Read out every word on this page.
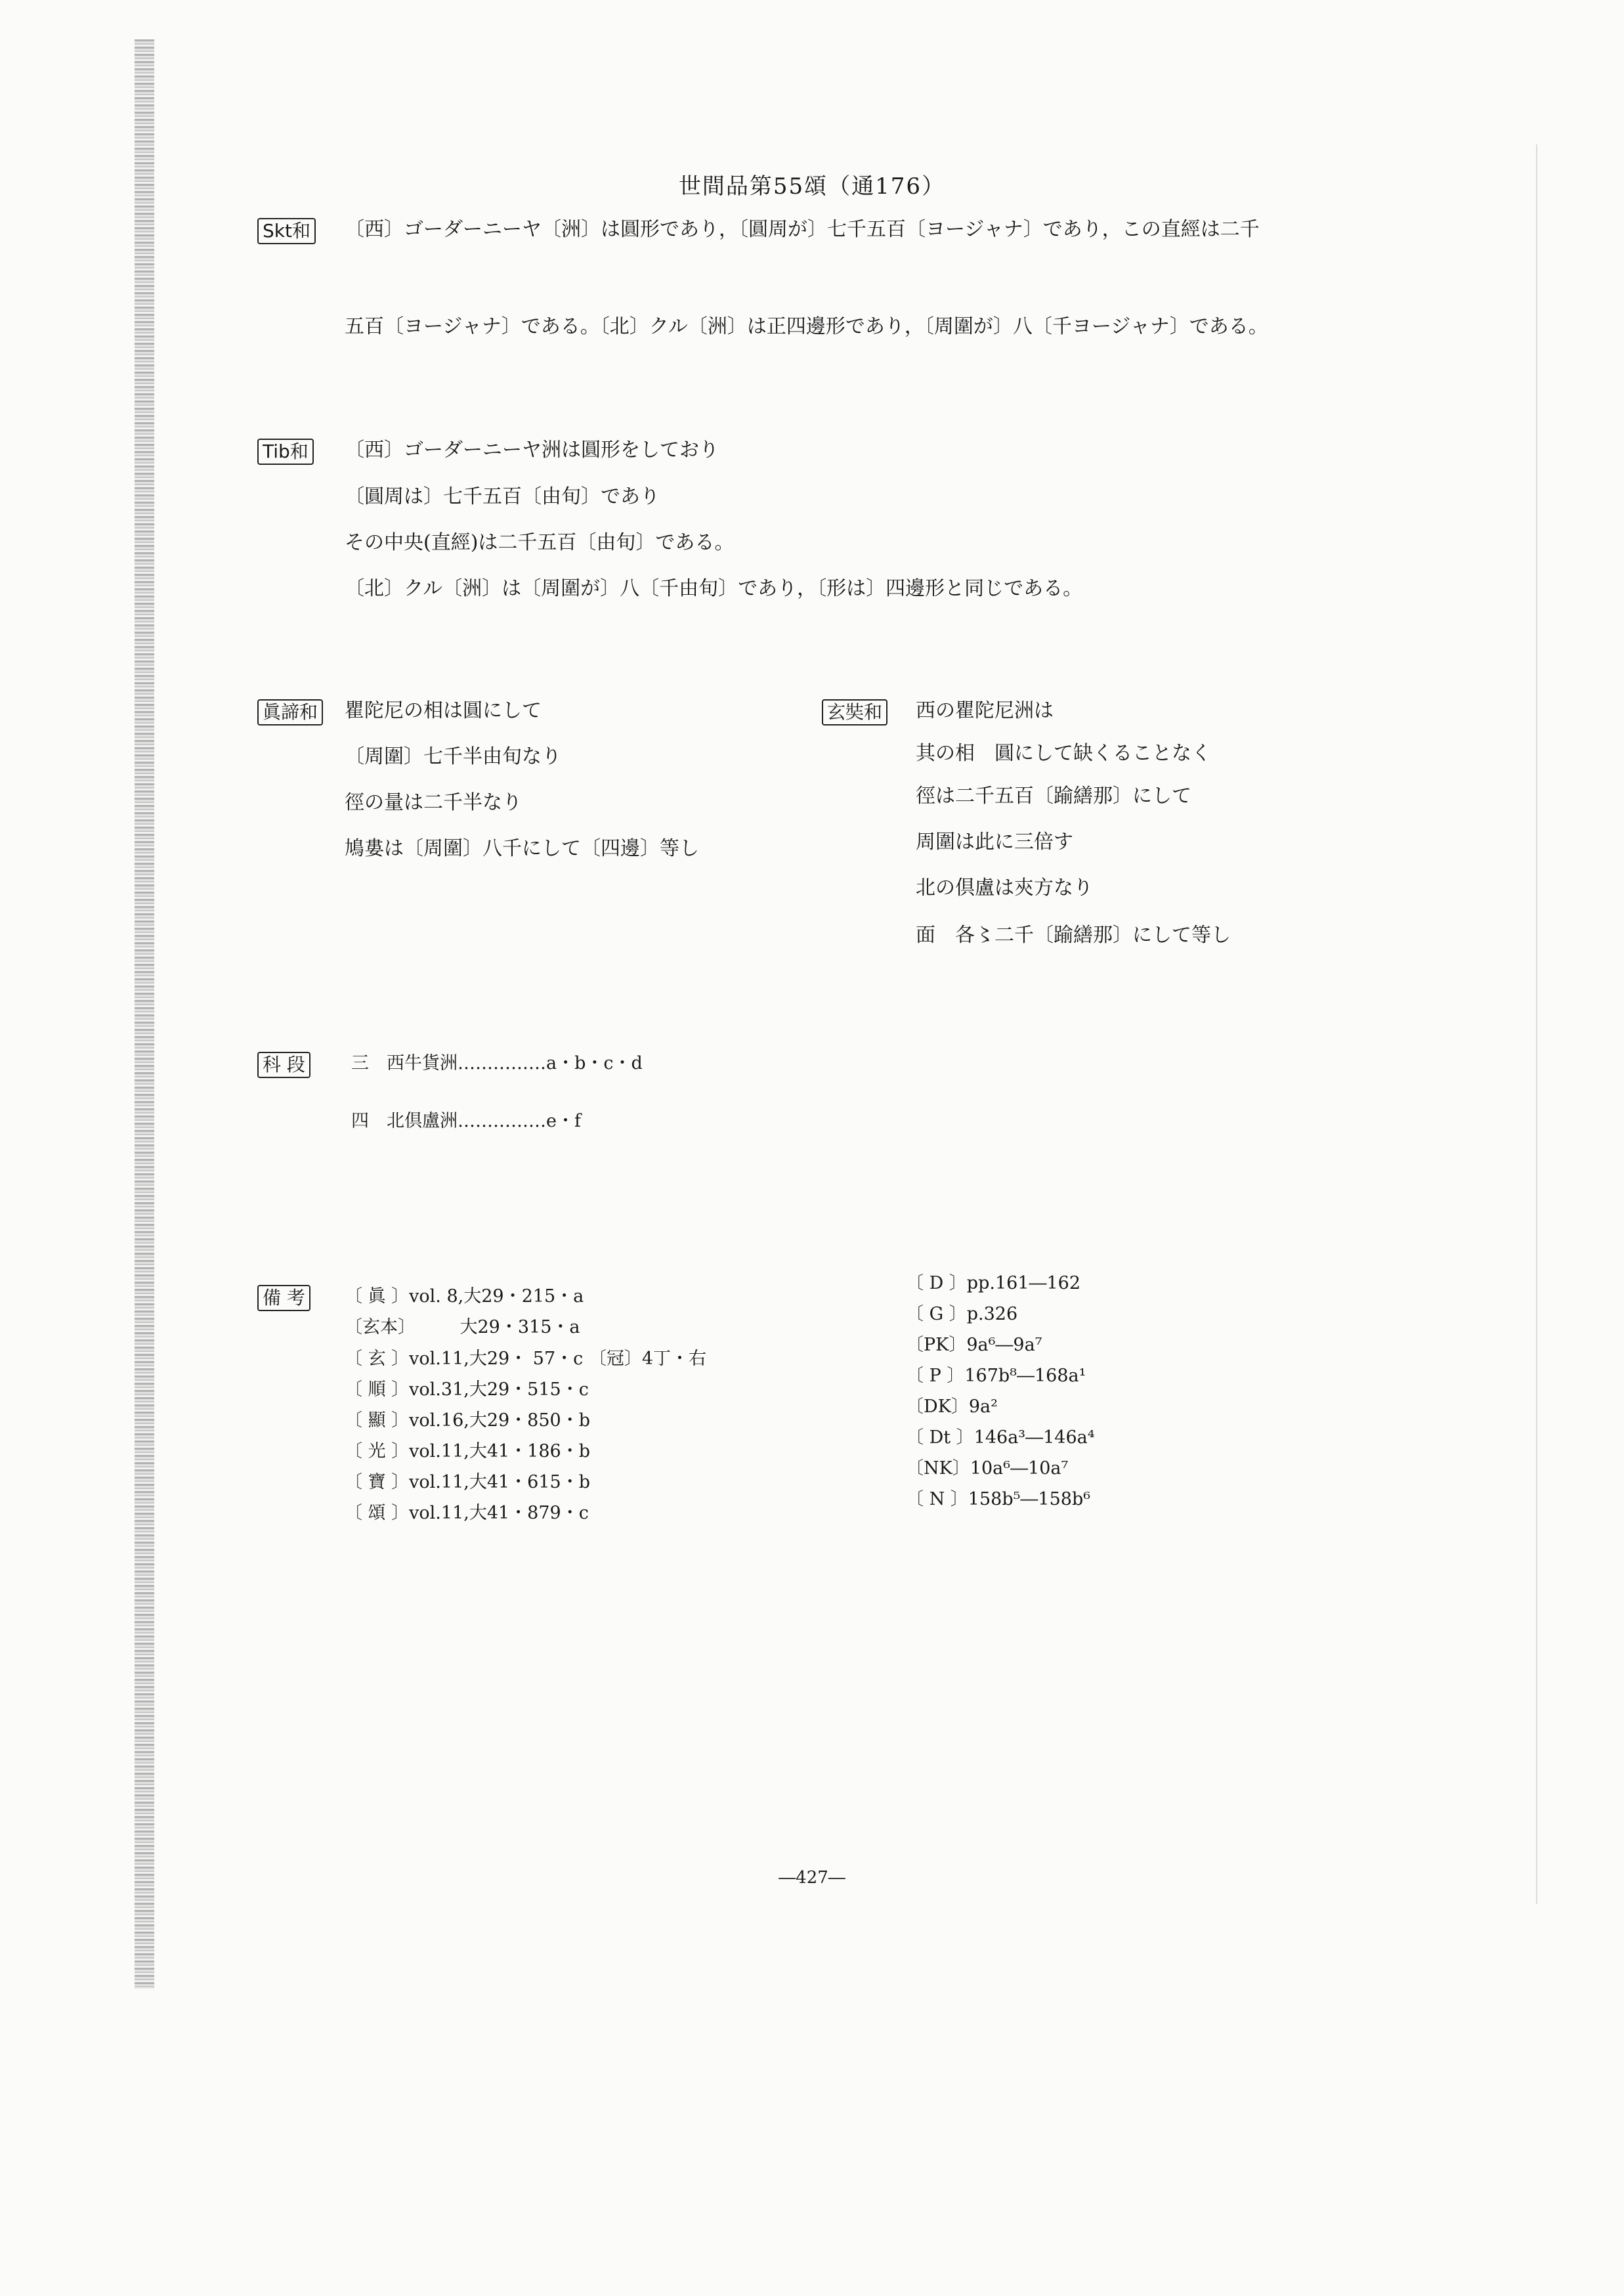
世間品第55頌（通176）
Skt和 〔西〕ゴーダーニーヤ〔洲〕は圓形であり，〔圓周が〕七千五百〔ヨージャナ〕であり，この直經は二千
五百〔ヨージャナ〕である。〔北〕クル〔洲〕は正四邊形であり，〔周圍が〕八〔千ヨージャナ〕である。
Tib和 〔西〕ゴーダーニーヤ洲は圓形をしており
〔圓周は〕七千五百〔由旬〕であり
その中央(直經)は二千五百〔由旬〕である。
〔北〕クル〔洲〕は〔周圍が〕八〔千由旬〕であり，〔形は〕四邊形と同じである。
眞諦和 瞿陀尼の相は圓にして
〔周圍〕七千半由旬なり
徑の量は二千半なり
鳩婁は〔周圍〕八千にして〔四邊〕等し
玄奘和 西の瞿陀尼洲は
其の相　圓にして缺くることなく
徑は二千五百〔踰繕那〕にして
周圍は此に三倍す
北の倶盧は㚒方なり
面　各〻二千〔踰繕那〕にして等し
科 段	三　西牛貨洲……………a・b・c・d
四　北倶盧洲……………e・f
備 考 〔 眞 〕vol. 8,大29・215・a
〔玄本〕　　　大29・315・a
〔 玄 〕vol.11,大29・ 57・c 〔冠〕4丁・右
〔 順 〕vol.31,大29・515・c
〔 顯 〕vol.16,大29・850・b
〔 光 〕vol.11,大41・186・b
〔 寶 〕vol.11,大41・615・b
〔 頌 〕vol.11,大41・879・c
〔 D 〕pp.161―162
〔 G 〕p.326
〔PK〕9a⁶―9a⁷
〔 P 〕167b⁸―168a¹
〔DK〕9a²
〔 Dt 〕146a³―146a⁴
〔NK〕10a⁶―10a⁷
〔 N 〕158b⁵―158b⁶
―427―
